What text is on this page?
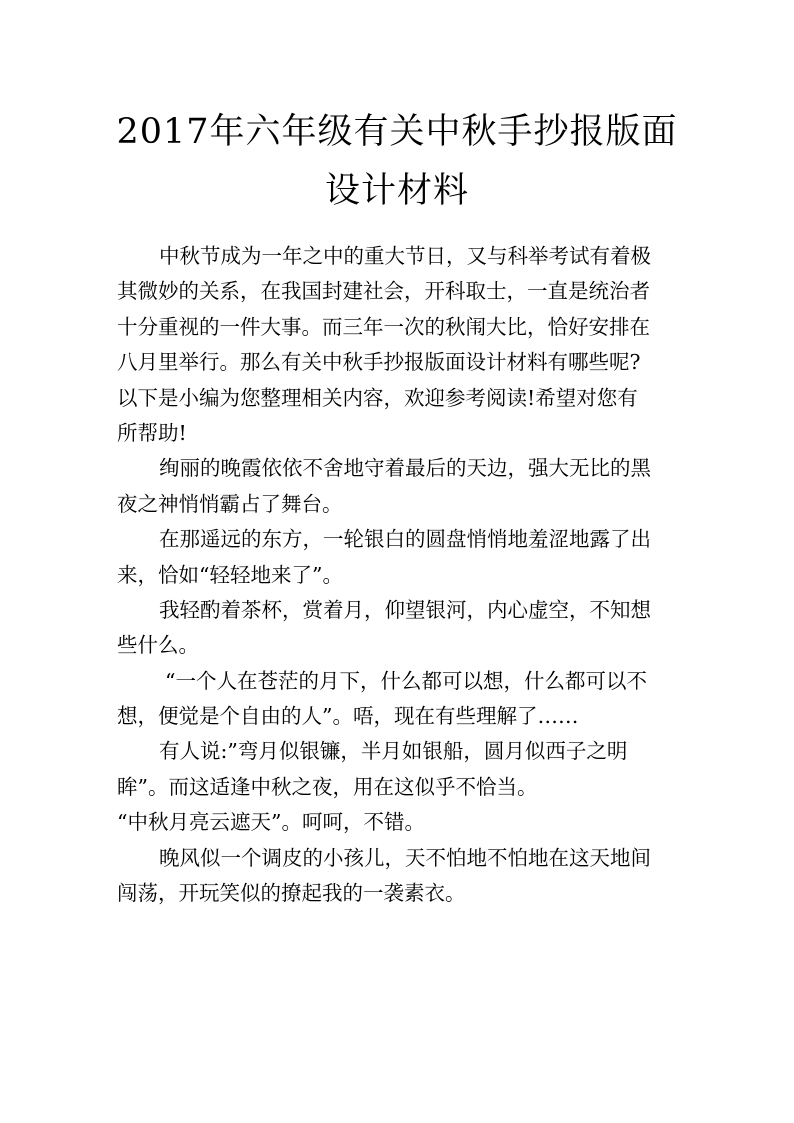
2017年六年级有关中秋手抄报版面
设计材料
中秋节成为一年之中的重大节日，又与科举考试有着极
其微妙的关系，在我国封建社会，开科取士，一直是统治者
十分重视的一件大事。而三年一次的秋闱大比，恰好安排在
八月里举行。那么有关中秋手抄报版面设计材料有哪些呢?
以下是小编为您整理相关内容，欢迎参考阅读!希望对您有
所帮助!
绚丽的晚霞依依不舍地守着最后的天边，强大无比的黑
夜之神悄悄霸占了舞台。
在那遥远的东方，一轮银白的圆盘悄悄地羞涩地露了出
来，恰如“轻轻地来了”。
我轻酌着茶杯，赏着月，仰望银河，内心虚空，不知想
些什么。
“一个人在苍茫的月下，什么都可以想，什么都可以不
想，便觉是个自由的人”。唔，现在有些理解了……
有人说:”弯月似银镰，半月如银船，圆月似西子之明
眸”。而这适逢中秋之夜，用在这似乎不恰当。
“中秋月亮云遮天”。呵呵，不错。
晚风似一个调皮的小孩儿，天不怕地不怕地在这天地间
闯荡，开玩笑似的撩起我的一袭素衣。
